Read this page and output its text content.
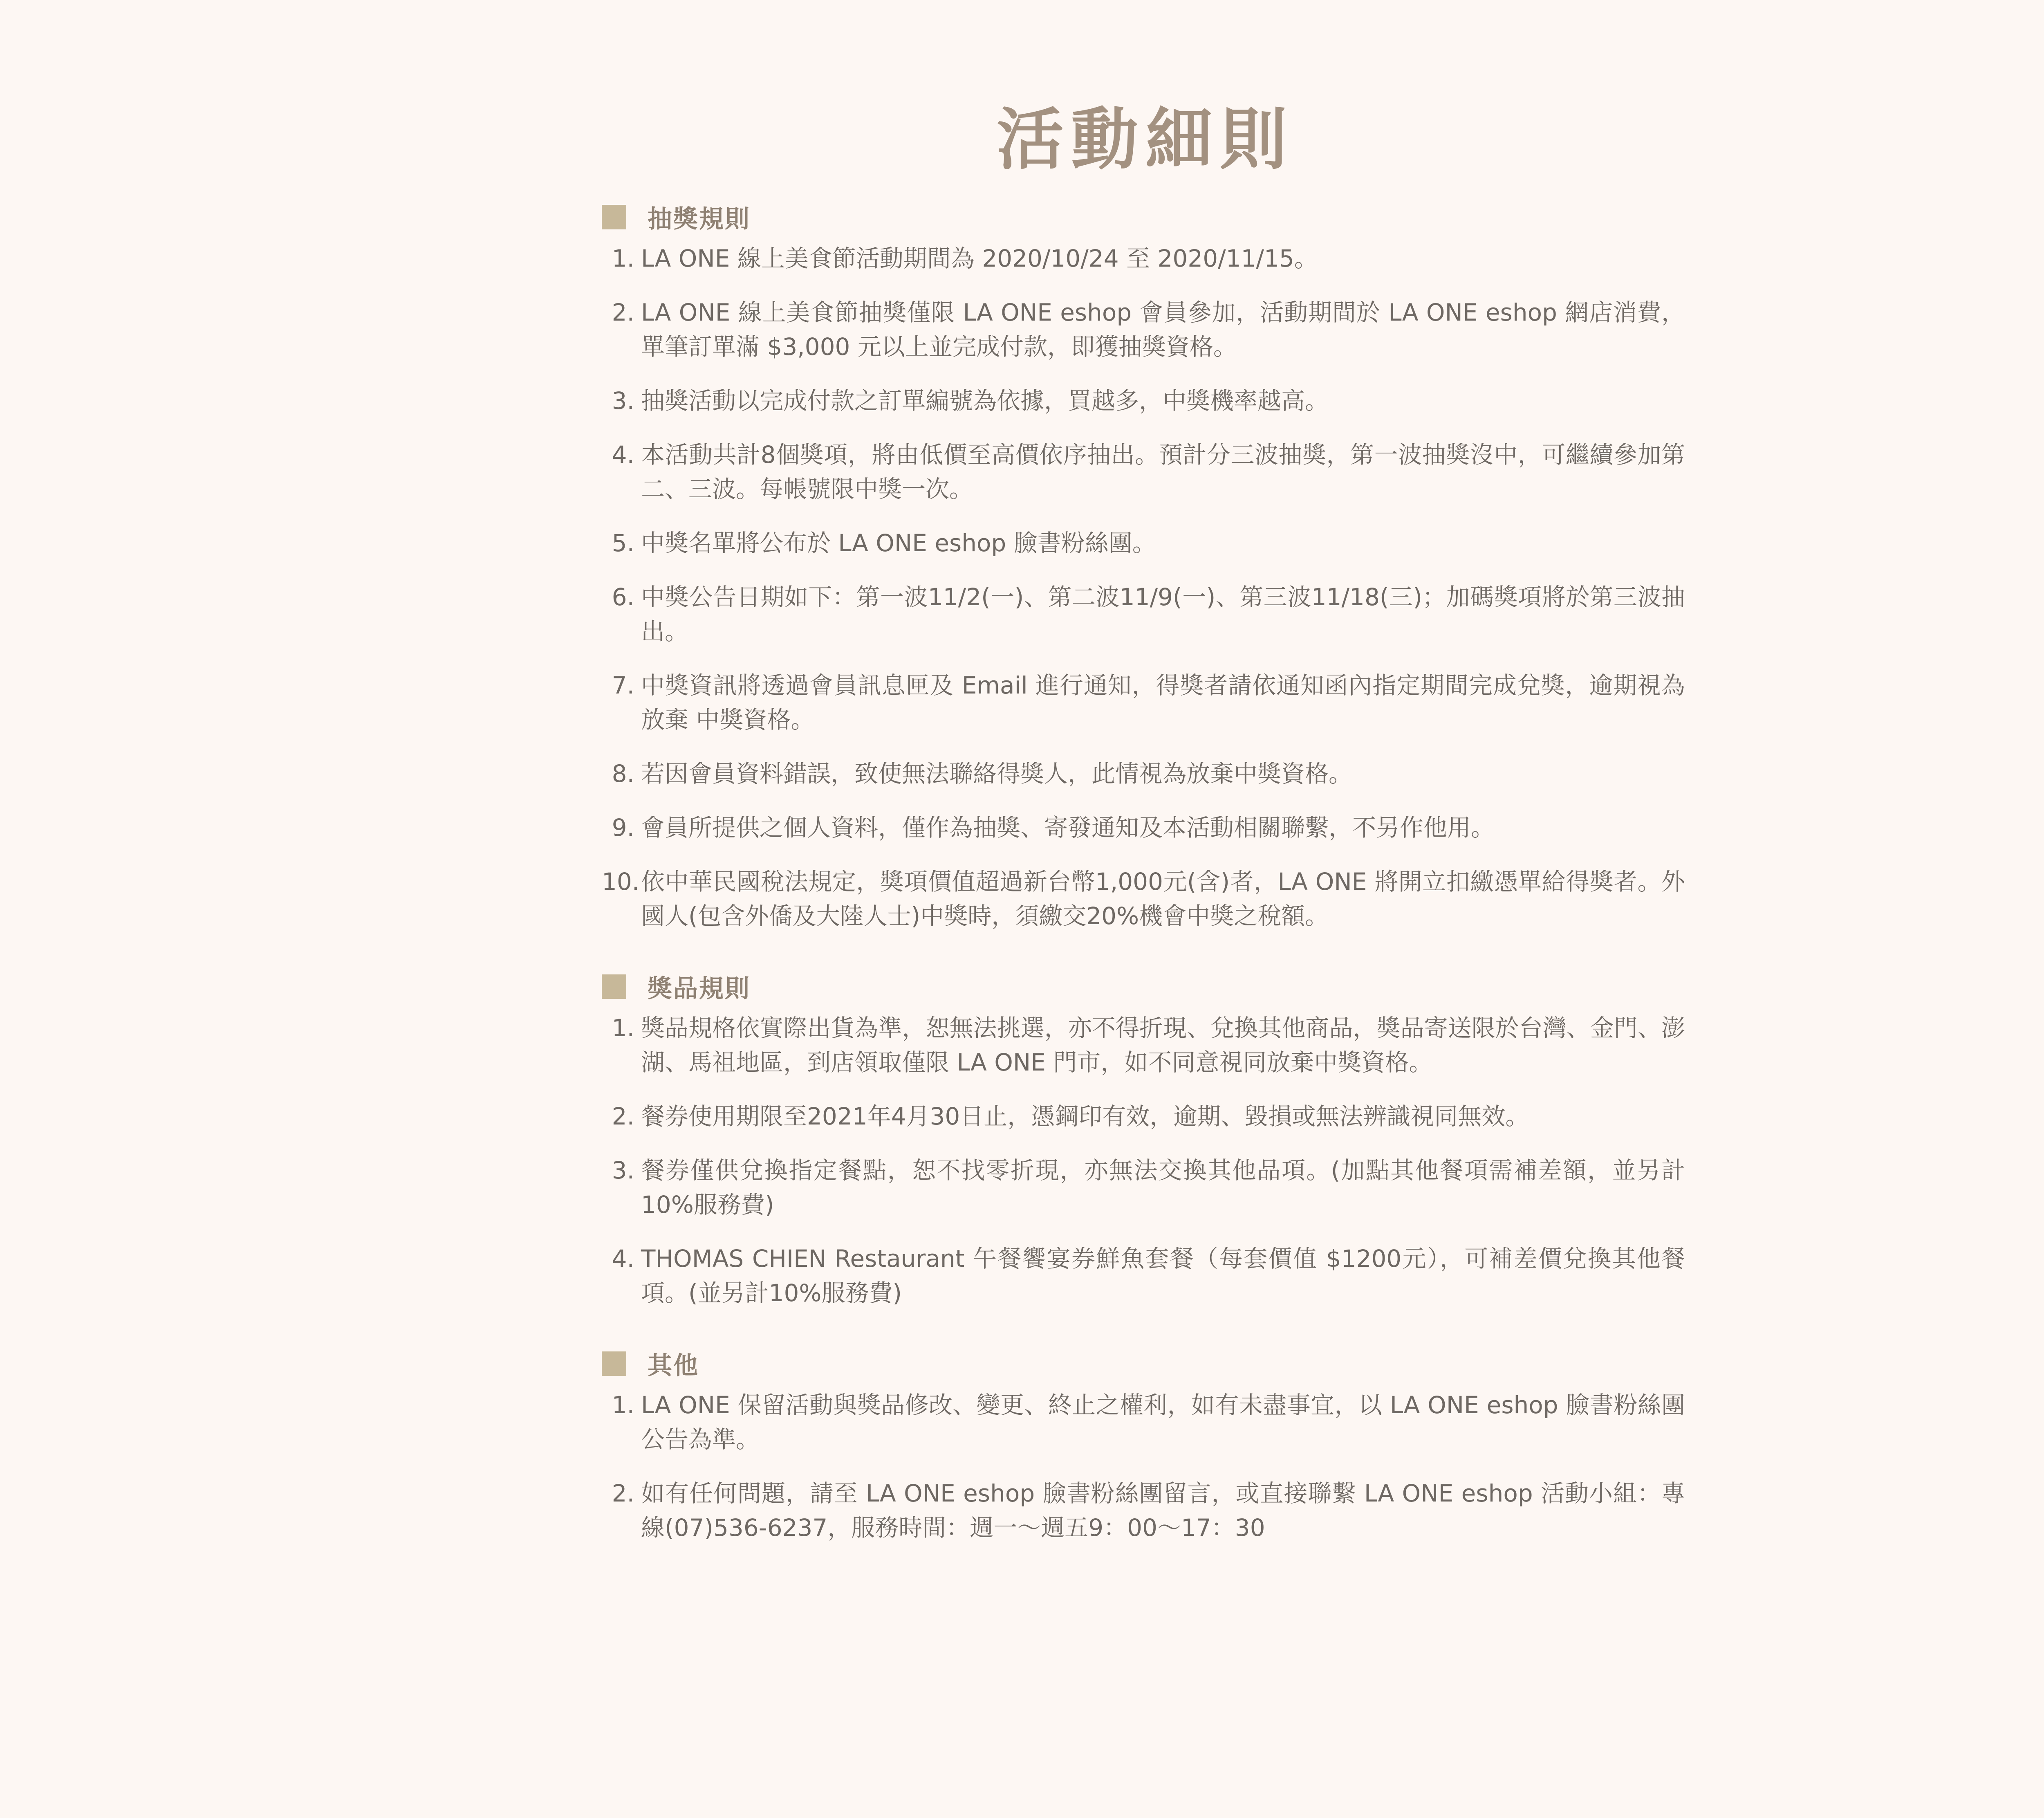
活動細則
抽獎規則
1. LA ONE 線上美食節活動期間為 2020/10/24 至 2020/11/15。
2. LA ONE 線上美食節抽獎僅限 LA ONE eshop 會員參加，活動期間於 LA ONE eshop 網店消費，單筆訂單滿 $3,000 元以上並完成付款，即獲抽獎資格。
3. 抽獎活動以完成付款之訂單編號為依據，買越多，中獎機率越高。
4. 本活動共計8個獎項，將由低價至高價依序抽出。預計分三波抽獎，第一波抽獎沒中，可繼續參加第二、三波。每帳號限中獎一次。
5. 中獎名單將公布於 LA ONE eshop 臉書粉絲團。
6. 中獎公告日期如下：第一波11/2(一)、第二波11/9(一)、第三波11/18(三)；加碼獎項將於第三波抽出。
7. 中獎資訊將透過會員訊息匣及 Email 進行通知，得獎者請依通知函內指定期間完成兌獎，逾期視為放棄 中獎資格。
8. 若因會員資料錯誤，致使無法聯絡得獎人，此情視為放棄中獎資格。
9. 會員所提供之個人資料，僅作為抽獎、寄發通知及本活動相關聯繫，不另作他用。
10. 依中華民國稅法規定，獎項價值超過新台幣1,000元(含)者，LA ONE 將開立扣繳憑單給得獎者。外國人(包含外僑及大陸人士)中獎時，須繳交20%機會中獎之稅額。
獎品規則
1. 獎品規格依實際出貨為準，恕無法挑選，亦不得折現、兌換其他商品，獎品寄送限於台灣、金門、澎湖、馬祖地區，到店領取僅限 LA ONE 門市，如不同意視同放棄中獎資格。
2. 餐券使用期限至2021年4月30日止，憑鋼印有效，逾期、毀損或無法辨識視同無效。
3. 餐券僅供兌換指定餐點，恕不找零折現，亦無法交換其他品項。(加點其他餐項需補差額，並另計10%服務費)
4. THOMAS CHIEN Restaurant 午餐饗宴券鮮魚套餐（每套價值 $1200元），可補差價兌換其他餐項。(並另計10%服務費)
其他
1. LA ONE 保留活動與獎品修改、變更、終止之權利，如有未盡事宜，以 LA ONE eshop 臉書粉絲團公告為準。
2. 如有任何問題，請至 LA ONE eshop 臉書粉絲團留言，或直接聯繫 LA ONE eshop 活動小組：專線(07)536-6237，服務時間：週一～週五9：00～17：30
